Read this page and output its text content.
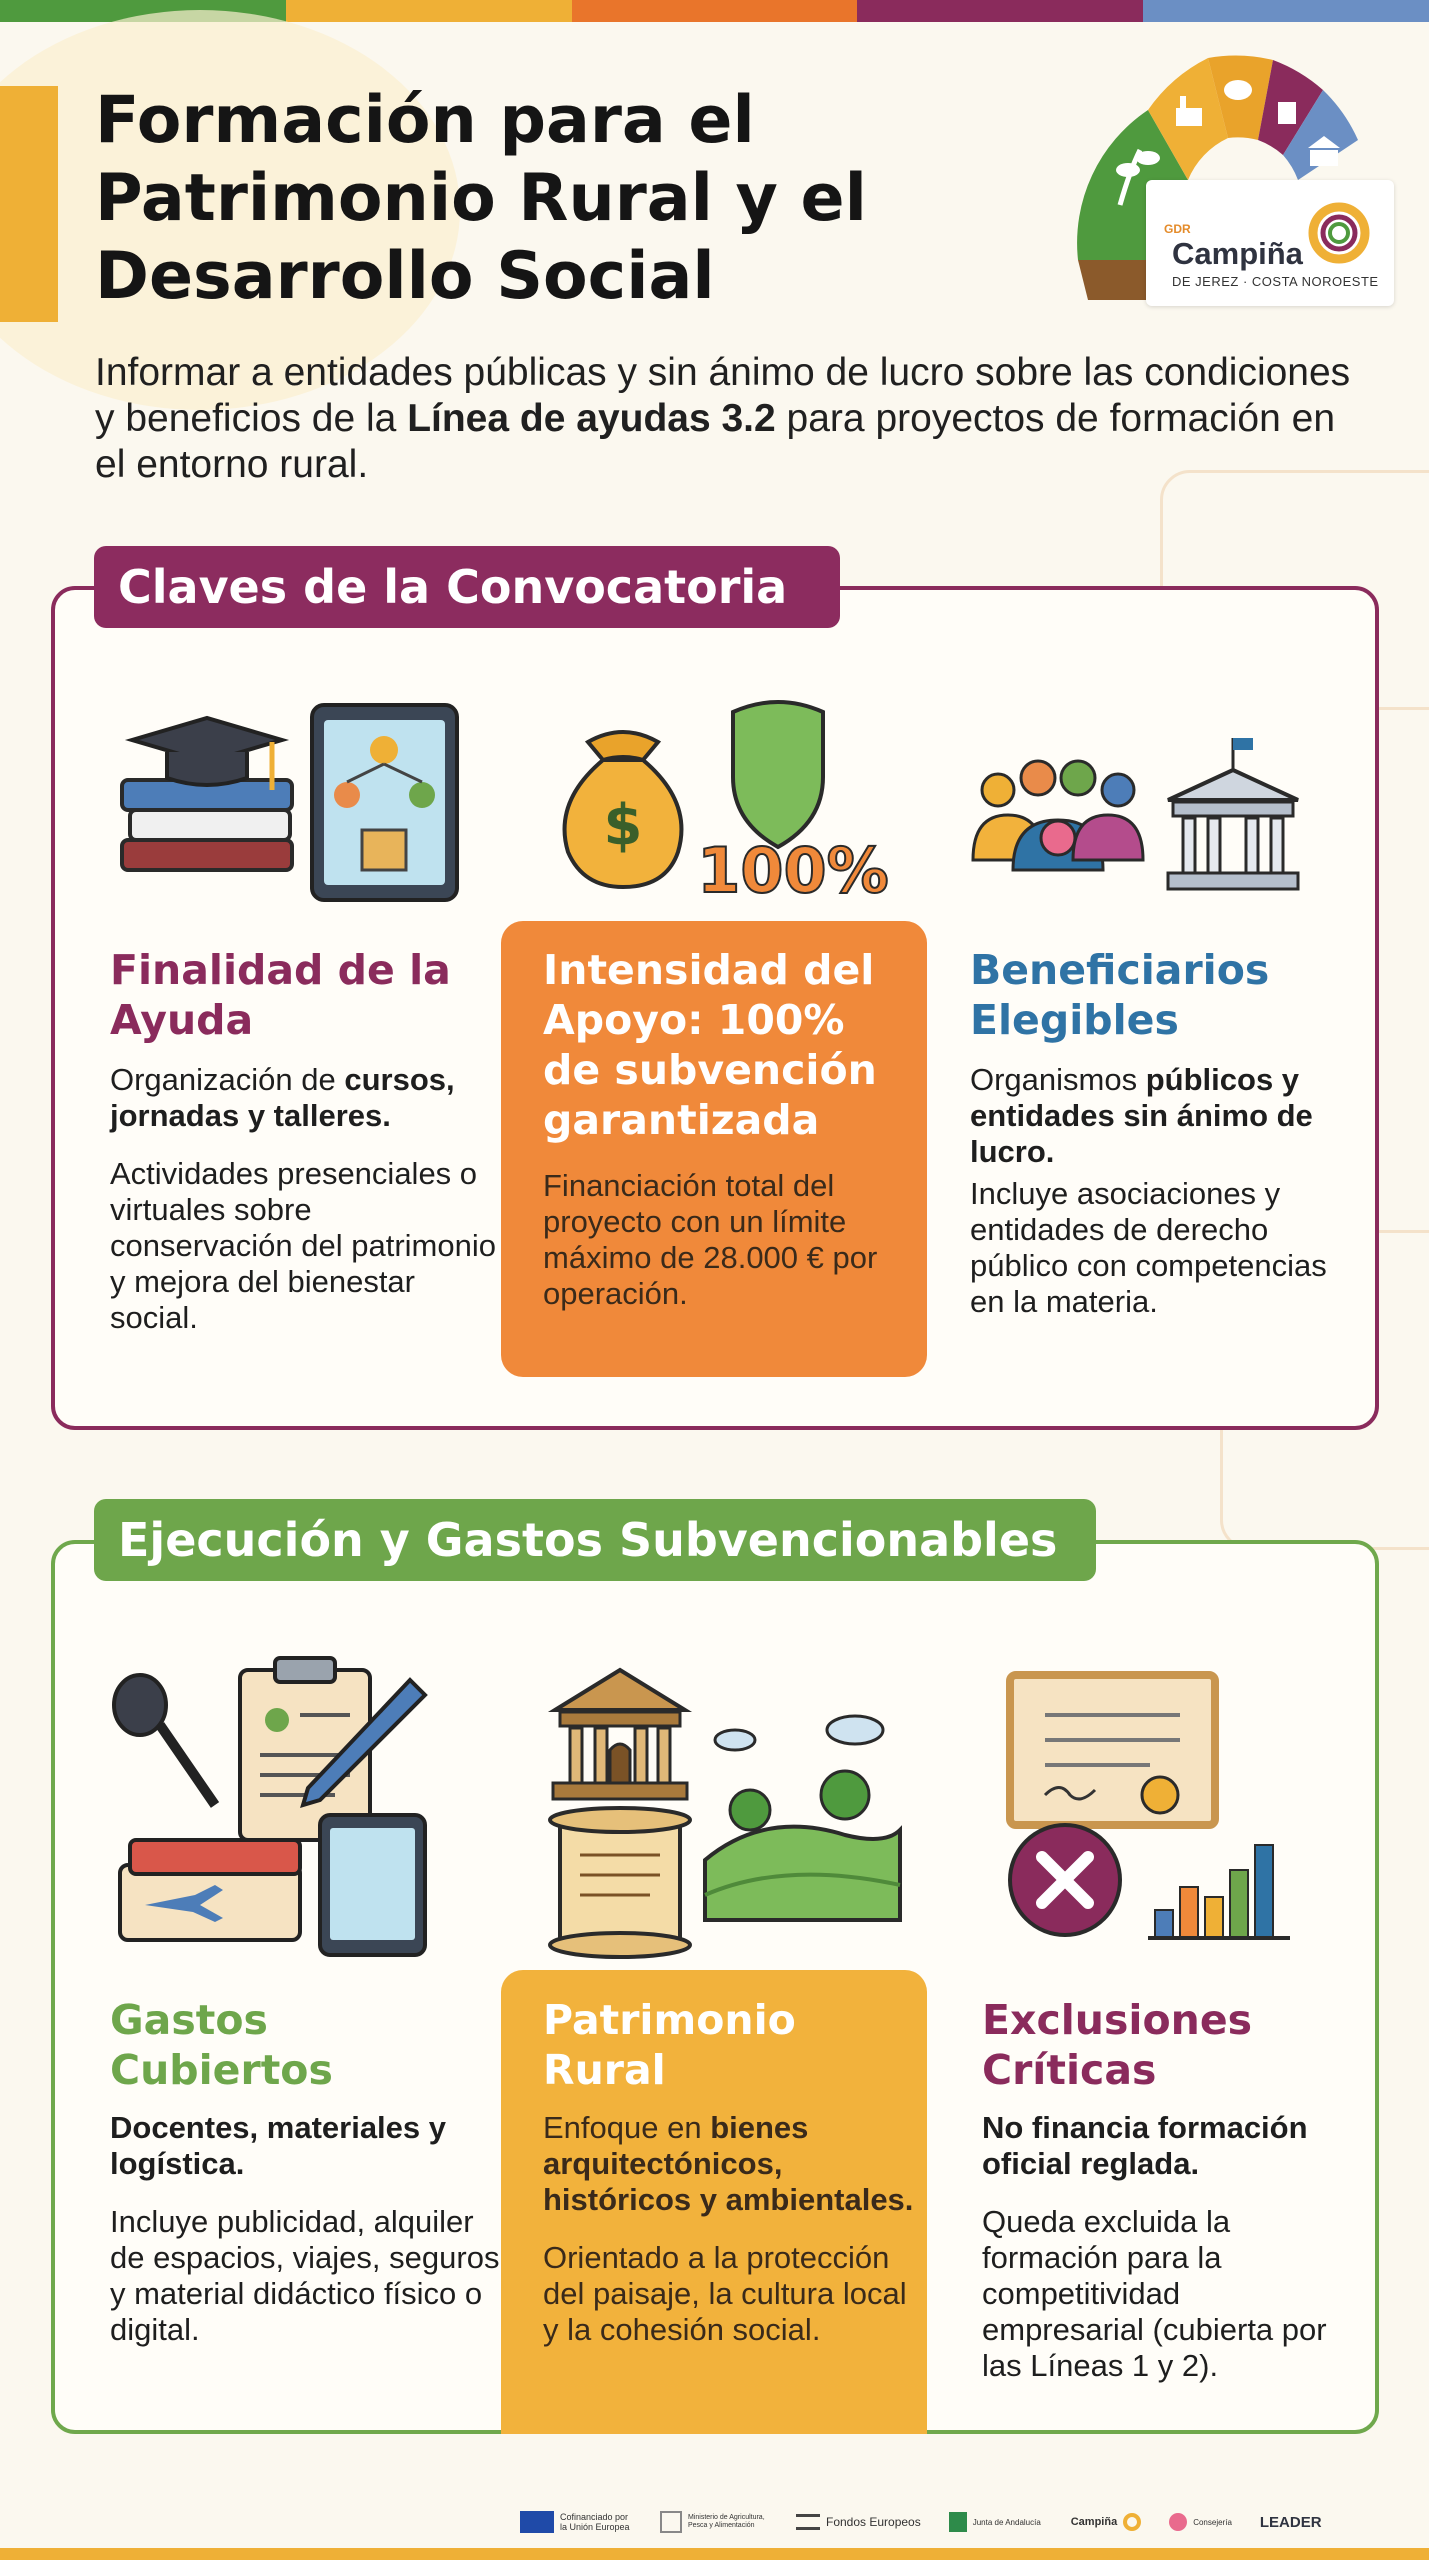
Formación para el
Patrimonio Rural y el
Desarrollo Social

Informar a entidades públicas y sin ánimo de lucro sobre las condiciones y beneficios de la Línea de ayudas 3.2 para proyectos de formación en el entorno rural.

GDR
Campiña
DE JEREZ · COSTA NOROESTE
Claves de la Convocatoria
Finalidad de la Ayuda

Organización de cursos, jornadas y talleres.

Actividades presenciales o virtuales sobre conservación del patrimonio y mejora del bienestar social.

$
100%
Intensidad del Apoyo: 100% de subvención garantizada

Financiación total del proyecto con un límite máximo de 28.000 € por operación.

Beneficiarios Elegibles

Organismos públicos y entidades sin ánimo de lucro.

Incluye asociaciones y entidades de derecho público con competencias en la materia.

Ejecución y Gastos Subvencionables
Gastos Cubiertos

Docentes, materiales y logística.

Incluye publicidad, alquiler de espacios, viajes, seguros y material didáctico físico o digital.

Patrimonio Rural

Enfoque en bienes arquitectónicos, históricos y ambientales.

Orientado a la protección del paisaje, la cultura local y la cohesión social.

Exclusiones Críticas

No financia formación oficial reglada.

Queda excluida la formación para la competitividad empresarial (cubierta por las Líneas 1 y 2).

Cofinanciado por la Unión Europea
Ministerio de Agricultura, Pesca y Alimentación	Fondos Europeos	Junta de Andalucía	Campiña	Consejería LEADER
